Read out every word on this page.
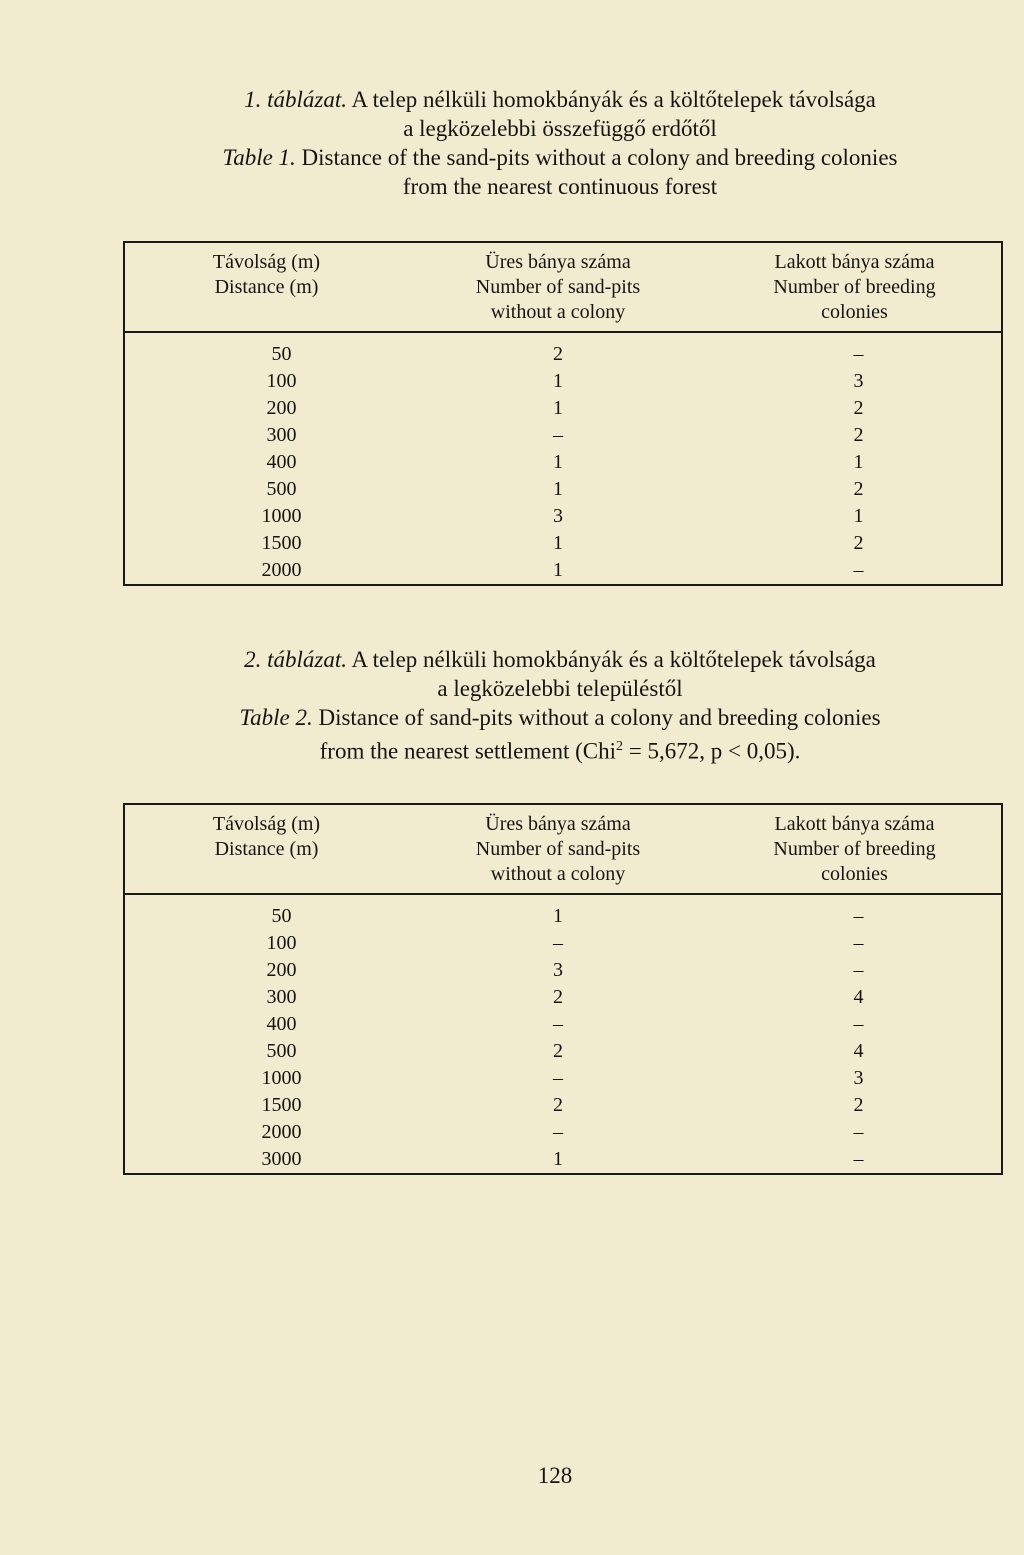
1. táblázat. A telep nélküli homokbányák és a költőtelepek távolsága
a legközelebbi összefüggő erdőtől
Table 1. Distance of the sand-pits without a colony and breeding colonies
from the nearest continuous forest
Távolság (m)
Distance (m)
Üres bánya száma
Number of sand-pits
without a colony
Lakott bánya száma
Number of breeding
colonies
50	2	–
100	1	3
200	1	2
300	–	2
400	1	1
500	1	2
1000	3	1
1500	1	2
2000	1	–
2. táblázat. A telep nélküli homokbányák és a költőtelepek távolsága
a legközelebbi településtől
Table 2. Distance of sand-pits without a colony and breeding colonies
from the nearest settlement (Chi$^2$ = 5,672, p < 0,05).
Távolság (m)
Distance (m)
Üres bánya száma
Number of sand-pits
without a colony
Lakott bánya száma
Number of breeding
colonies
50	1	–
100	–	–
200	3	–
300	2	4
400	–	–
500	2	4
1000	–	3
1500	2	2
2000	–	–
3000	1	–
128
